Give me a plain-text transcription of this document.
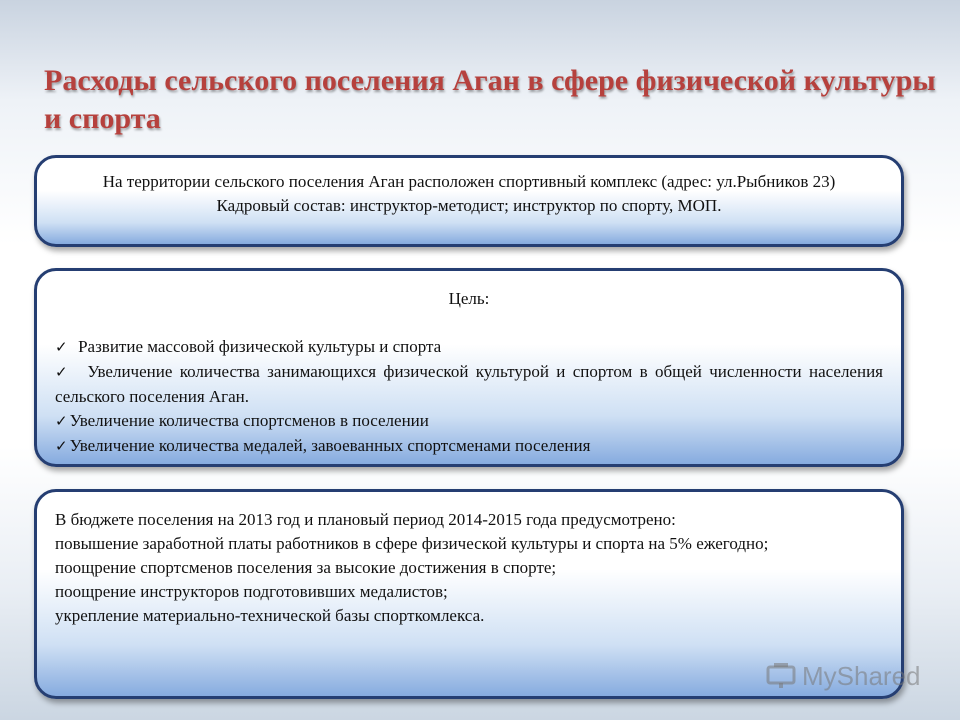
Расходы сельского поселения Аган в сфере физической культуры и спорта
На территории сельского поселения Аган расположен спортивный комплекс (адрес: ул.Рыбников 23)
Кадровый состав: инструктор-методист; инструктор по спорту, МОП.
Цель:
✓ Развитие массовой физической культуры и спорта
✓ Увеличение количества занимающихся физической культурой и спортом в общей численности населения сельского поселения Аган.
✓ Увеличение количества спортсменов в поселении
✓ Увеличение количества медалей, завоеванных спортсменами поселения
В бюджете поселения на 2013 год и плановый период 2014-2015 года предусмотрено:
повышение заработной платы работников в сфере физической культуры и спорта на 5% ежегодно;
поощрение спортсменов поселения за высокие достижения в спорте;
поощрение инструкторов подготовивших медалистов;
укрепление материально-технической базы спорткомлекса.
MyShared
